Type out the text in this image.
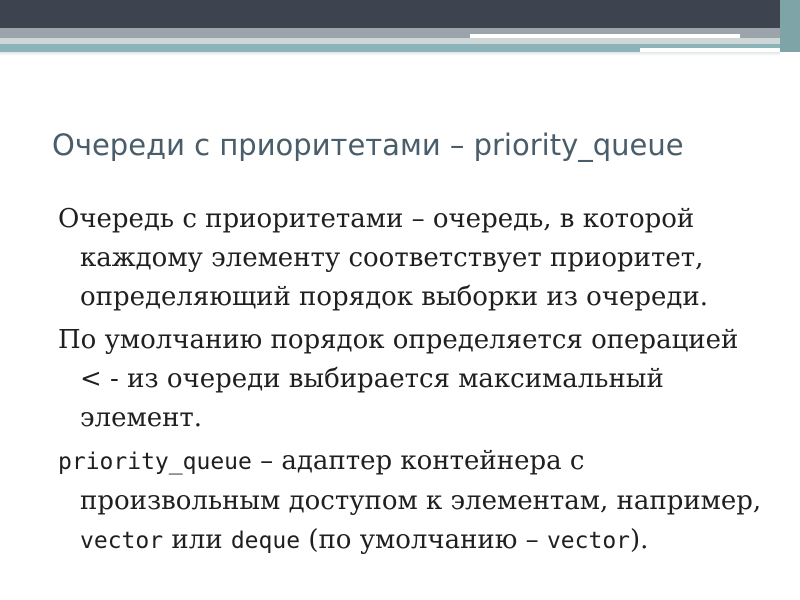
Очереди с приоритетами – priority_queue

Очередь с приоритетами – очередь, в которой каждому элементу соответствует приоритет, определяющий порядок выборки из очереди.

По умолчанию порядок определяется операцией < - из очереди выбирается максимальный элемент.

priority_queue – адаптер контейнера с произвольным доступом к элементам, например, vector или deque (по умолчанию – vector).
